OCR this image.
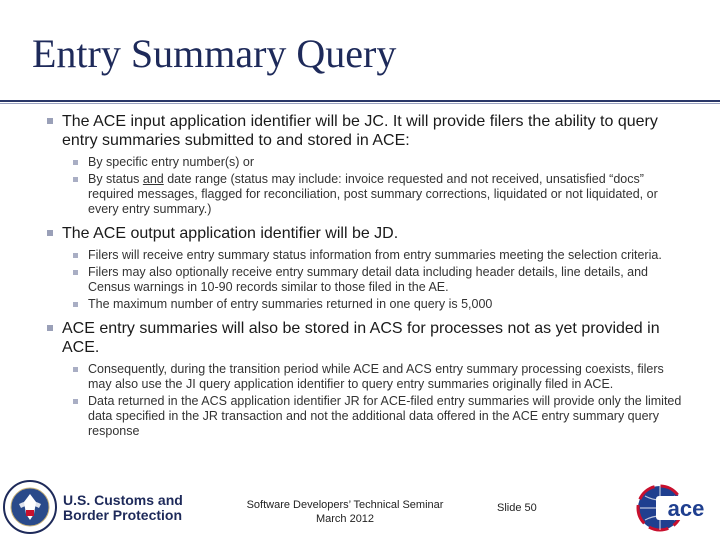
Entry Summary Query
The ACE input application identifier will be JC. It will provide filers the ability to query entry summaries submitted to and stored in ACE:
By specific entry number(s) or
By status and date range (status may include: invoice requested and not received, unsatisfied “docs” required messages, flagged for reconciliation, post summary corrections, liquidated or not liquidated, or every entry summary.)
The ACE output application identifier will be JD.
Filers will receive entry summary status information from entry summaries meeting the selection criteria.
Filers may also optionally receive entry summary detail data including header details, line details, and Census warnings in 10-90 records similar to those filed in the AE.
The maximum number of entry summaries returned in one query is 5,000
ACE entry summaries will also be stored in ACS for processes not as yet provided in ACE.
Consequently, during the transition period while ACE and ACS entry summary processing coexists, filers may also use the JI query application identifier to query entry summaries originally filed in ACE.
Data returned in the ACS application identifier JR for ACE-filed entry summaries will provide only the limited data specified in the JR transaction and not the additional data offered in the ACE entry summary query response
U.S. Customs and
Border Protection
Software Developers’ Technical Seminar
March 2012
Slide 50	ace
